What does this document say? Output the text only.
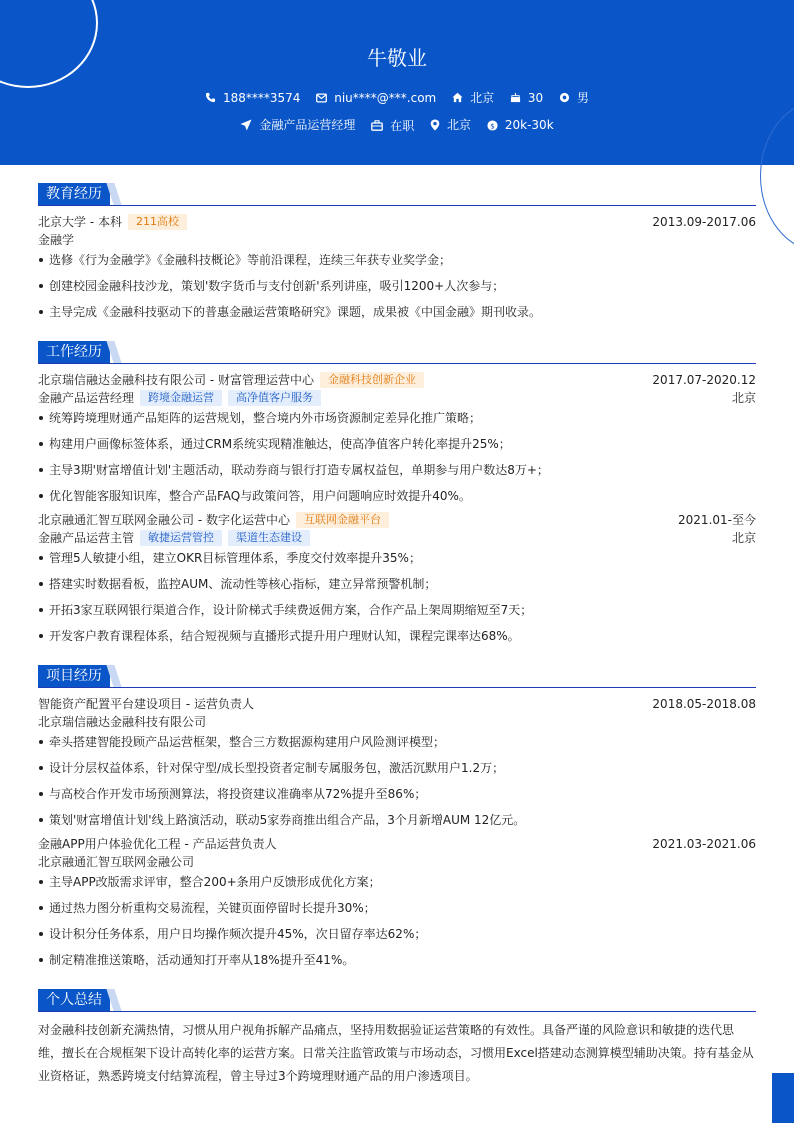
牛敬业
188****3574
	niu****@***.com
	北京
	30
	男
金融产品运营经理
	在职
	北京
$ 20k-30k
教育经历
北京大学 - 本科 211高校	2013.09-2017.06
金融学
选修《行为金融学》《金融科技概论》等前沿课程，连续三年获专业奖学金；
创建校园金融科技沙龙，策划'数字货币与支付创新'系列讲座，吸引1200+人次参与；
主导完成《金融科技驱动下的普惠金融运营策略研究》课题，成果被《中国金融》期刊收录。
工作经历
北京瑞信融达金融科技有限公司 - 财富管理运营中心 金融科技创新企业	2017.07-2020.12
金融产品运营经理 跨境金融运营 高净值客户服务	北京
统筹跨境理财通产品矩阵的运营规划，整合境内外市场资源制定差异化推广策略；
构建用户画像标签体系，通过CRM系统实现精准触达，使高净值客户转化率提升25%；
主导3期'财富增值计划'主题活动，联动券商与银行打造专属权益包，单期参与用户数达8万+；
优化智能客服知识库，整合产品FAQ与政策问答，用户问题响应时效提升40%。
北京融通汇智互联网金融公司 - 数字化运营中心 互联网金融平台	2021.01-至今
金融产品运营主管 敏捷运营管控 渠道生态建设	北京
管理5人敏捷小组，建立OKR目标管理体系，季度交付效率提升35%；
搭建实时数据看板，监控AUM、流动性等核心指标，建立异常预警机制；
开拓3家互联网银行渠道合作，设计阶梯式手续费返佣方案，合作产品上架周期缩短至7天；
开发客户教育课程体系，结合短视频与直播形式提升用户理财认知，课程完课率达68%。
项目经历
智能资产配置平台建设项目 - 运营负责人	2018.05-2018.08
北京瑞信融达金融科技有限公司
牵头搭建智能投顾产品运营框架，整合三方数据源构建用户风险测评模型；
设计分层权益体系，针对保守型/成长型投资者定制专属服务包，激活沉默用户1.2万；
与高校合作开发市场预测算法，将投资建议准确率从72%提升至86%；
策划'财富增值计划'线上路演活动，联动5家券商推出组合产品，3个月新增AUM 12亿元。
金融APP用户体验优化工程 - 产品运营负责人	2021.03-2021.06
北京融通汇智互联网金融公司
主导APP改版需求评审，整合200+条用户反馈形成优化方案；
通过热力图分析重构交易流程，关键页面停留时长提升30%；
设计积分任务体系，用户日均操作频次提升45%，次日留存率达62%；
制定精准推送策略，活动通知打开率从18%提升至41%。
个人总结
对金融科技创新充满热情，习惯从用户视角拆解产品痛点，坚持用数据验证运营策略的有效性。具备严谨的风险意识和敏捷的迭代思维，擅长在合规框架下设计高转化率的运营方案。日常关注监管政策与市场动态，习惯用Excel搭建动态测算模型辅助决策。持有基金从业资格证，熟悉跨境支付结算流程，曾主导过3个跨境理财通产品的用户渗透项目。
